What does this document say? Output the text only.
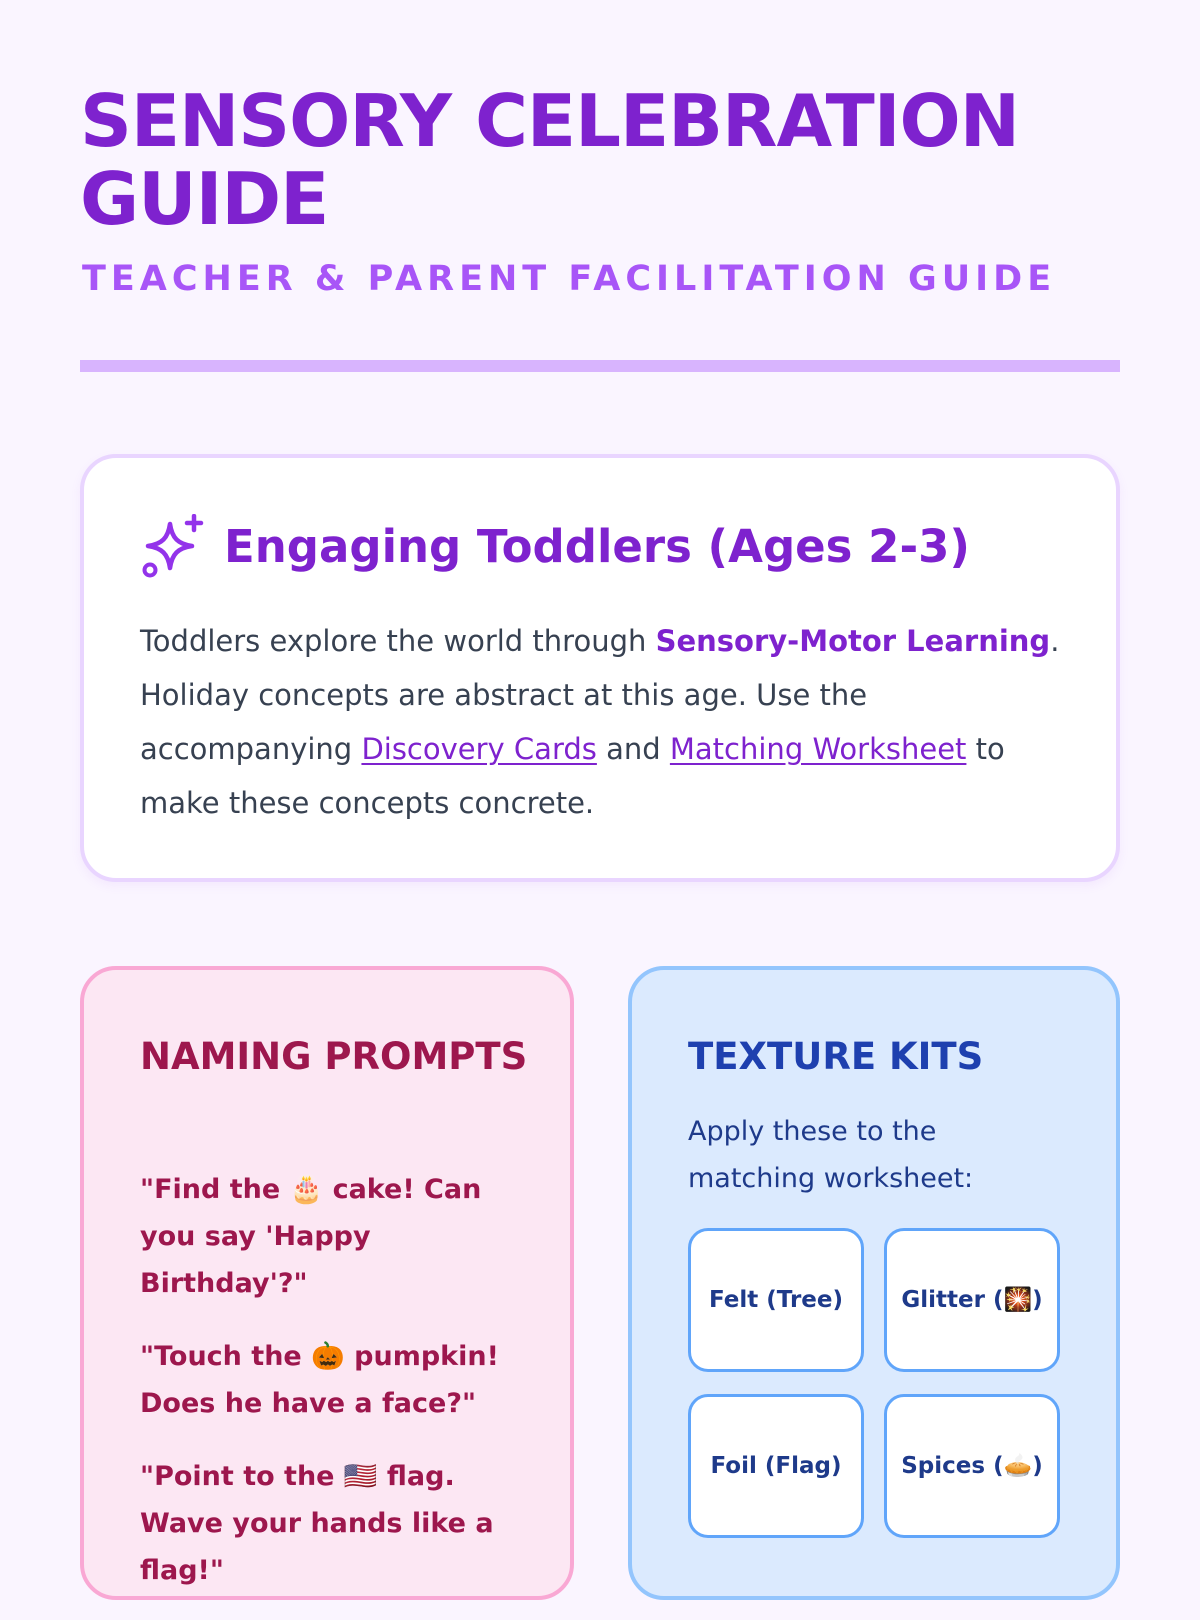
SENSORY CELEBRATION GUIDE
TEACHER & PARENT FACILITATION GUIDE
Engaging Toddlers (Ages 2-3)

Toddlers explore the world through Sensory-Motor Learning. Holiday concepts are abstract at this age. Use the accompanying Discovery Cards and Matching Worksheet to make these concepts concrete.

NAMING PROMPTS
"Find the 🎂 cake! Can you say 'Happy Birthday'?"
"Touch the 🎃 pumpkin! Does he have a face?"
"Point to the 🇺🇸 flag. Wave your hands like a flag!"
TEXTURE KITS

Apply these to the matching worksheet:

Felt (Tree)	Glitter (🎇)
Foil (Flag)	Spices (🥧)
